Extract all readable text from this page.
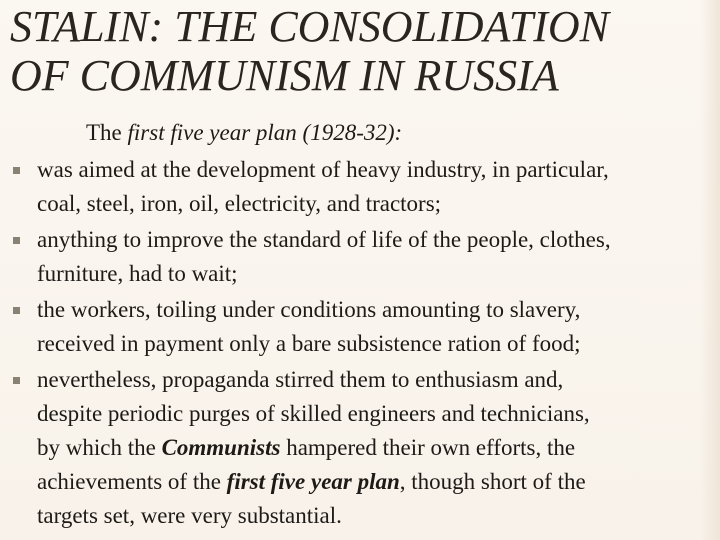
STALIN: THE CONSOLIDATION
OF COMMUNISM IN RUSSIA
The first five year plan (1928-32):
was aimed at the development of heavy industry, in particular,
coal, steel, iron, oil, electricity, and tractors;
anything to improve the standard of life of the people, clothes,
furniture, had to wait;
the workers, toiling under conditions amounting to slavery,
received in payment only a bare subsistence ration of food;
nevertheless, propaganda stirred them to enthusiasm and,
despite periodic purges of skilled engineers and technicians,
by which the Communists hampered their own efforts, the
achievements of the first five year plan, though short of the
targets set, were very substantial.
